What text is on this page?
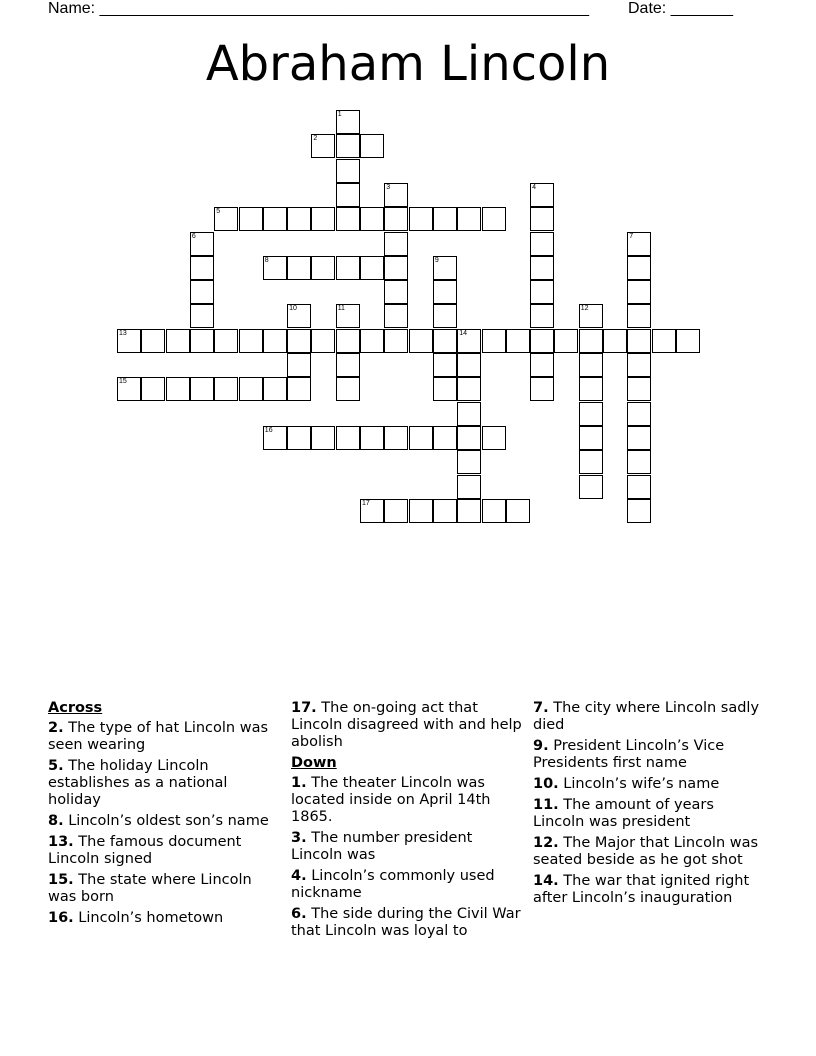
Name: _______________________________________________________ Date: _______
Abraham Lincoln
1
2
3	4
5
6	7
8	9
10	11	12
13	14
15
16
17
Across
2. The type of hat Lincoln was seen wearing
5. The holiday Lincoln establishes as a national holiday
8. Lincoln’s oldest son’s name
13. The famous document Lincoln signed
15. The state where Lincoln was born
16. Lincoln’s hometown
17. The on-going act that Lincoln disagreed with and help abolish
Down
1. The theater Lincoln was located inside on April 14th 1865.
3. The number president Lincoln was
4. Lincoln’s commonly used nickname
6. The side during the Civil War that Lincoln was loyal to
7. The city where Lincoln sadly died
9. President Lincoln’s Vice Presidents first name
10. Lincoln’s wife’s name
11. The amount of years Lincoln was president
12. The Major that Lincoln was seated beside as he got shot
14. The war that ignited right after Lincoln’s inauguration
